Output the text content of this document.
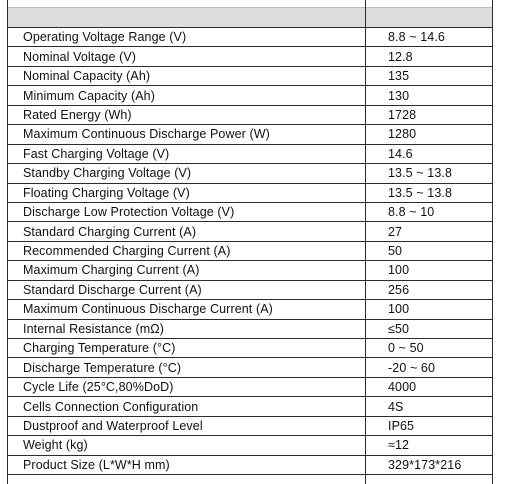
Operating Voltage Range (V)	8.8 ~ 14.6
Nominal Voltage (V)	12.8
Nominal Capacity (Ah)	135
Minimum Capacity (Ah)	130
Rated Energy (Wh)	1728
Maximum Continuous Discharge Power (W)	1280
Fast Charging Voltage (V)	14.6
Standby Charging Voltage (V)	13.5 ~ 13.8
Floating Charging Voltage (V)	13.5 ~ 13.8
Discharge Low Protection Voltage (V)	8.8 ~ 10
Standard Charging Current (A)	27
Recommended Charging Current (A)	50
Maximum Charging Current (A)	100
Standard Discharge Current (A)	256
Maximum Continuous Discharge Current (A)	100
Internal Resistance (mΩ)	≤50
Charging Temperature (°C)	0 ~ 50
Discharge Temperature (°C)	-20 ~ 60
Cycle Life (25°C,80%DoD)	4000
Cells Connection Configuration	4S
Dustproof and Waterproof Level	IP65
Weight (kg)	≈12
Product Size (L*W*H mm)	329*173*216
